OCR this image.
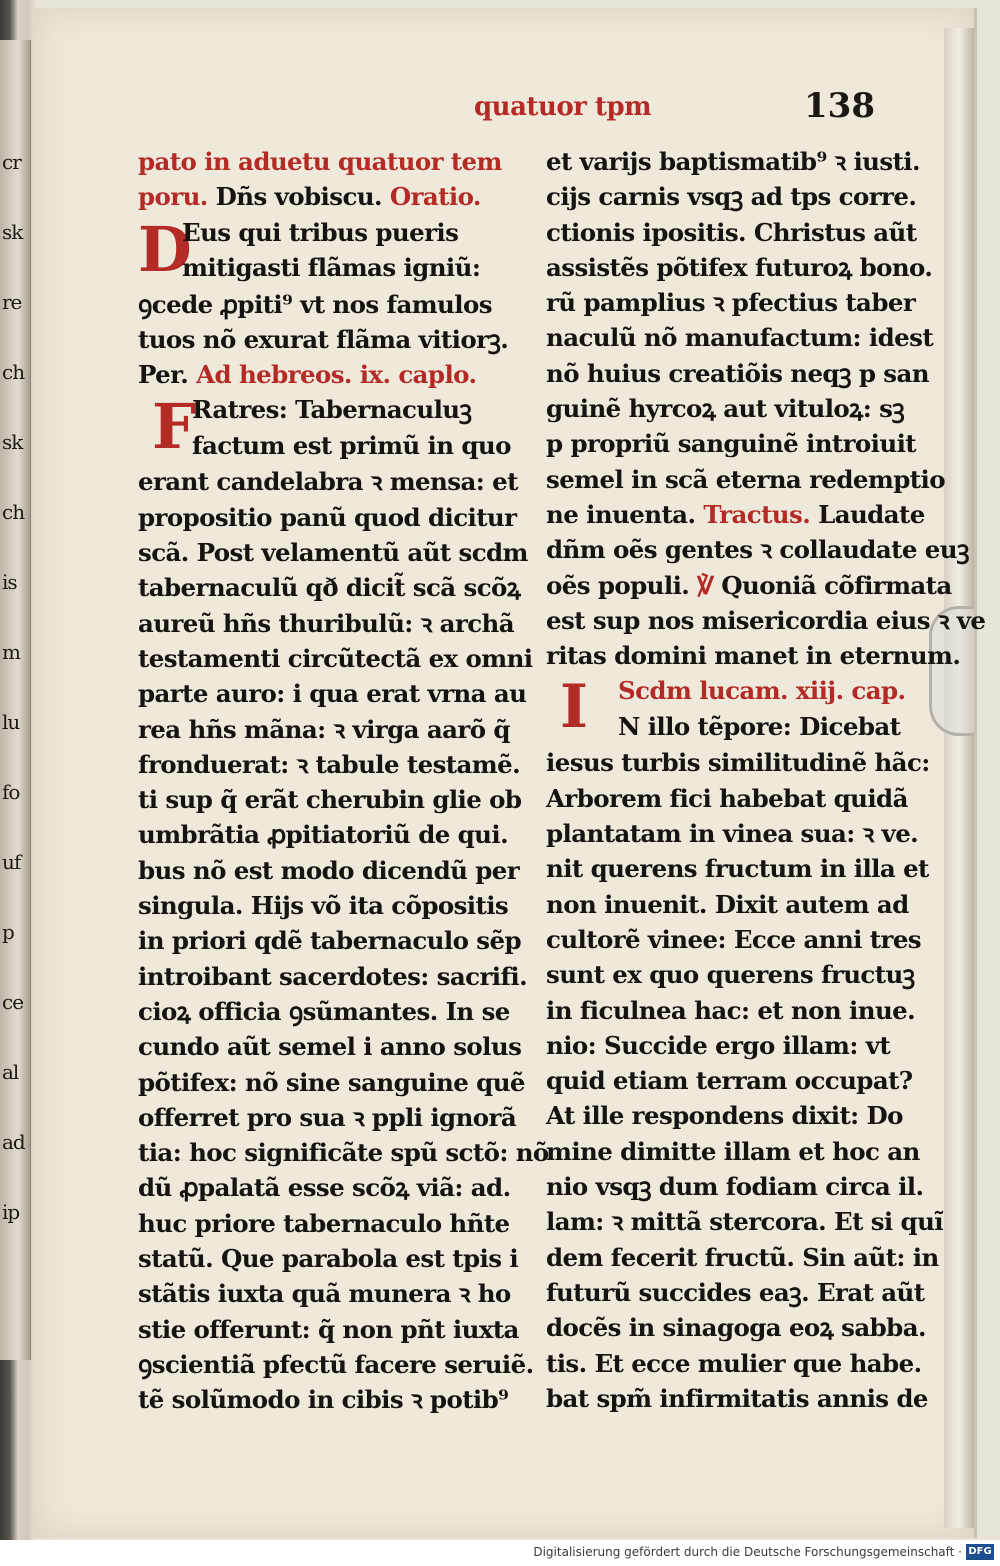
cr
sk
re
ch
sk
ch
is
m
lu
fo
uf
p
ce
al
ad
ip
quatuor tpm	138
pato in aduetu quatuor tem
poru. Dñs vobiscu. Oratio.
D
Eus qui tribus pueris
mitigasti flãmas igniũ:
ꝯcede ꝓpiti⁹ vt nos famulos
tuos nõ exurat flãma vitiorꝫ.
Per. Ad hebreos. ix. caplo.
F
Ratres: Tabernaculuꝫ
factum est primũ in quo
erant candelabra ꝛ mensa: et
propositio panũ quod dicitur
scã. Post velamentũ aũt scdm
tabernaculũ qð dicit̃ scã scõꝝ
aureũ hñs thuribulũ: ꝛ archã
testamenti circũtectã ex omni
parte auro: i qua erat vrna au
rea hñs mãna: ꝛ virga aarõ q̃
fronduerat: ꝛ tabule testamẽ.
ti sup q̃ erãt cherubin glie ob
umbrãtia ꝓpitiatoriũ de qui.
bus nõ est modo dicendũ per
singula. Hijs võ ita cõpositis
in priori qdẽ tabernaculo sẽp
introibant sacerdotes: sacrifi.
cioꝝ officia ꝯsũmantes. In se
cundo aũt semel i anno solus
põtifex: nõ sine sanguine quẽ
offerret pro sua ꝛ ppli ignorã
tia: hoc significãte spũ sctõ: nõ
dũ ꝓpalatã esse scõꝝ viã: ad.
huc priore tabernaculo hñte
statũ. Que parabola est tpis i
stãtis iuxta quã munera ꝛ ho
stie offerunt: q̃ non pñt iuxta
ꝯscientiã pfectũ facere seruiẽ.
tẽ solũmodo in cibis ꝛ potib⁹
et varijs baptismatib⁹ ꝛ iusti.
cijs carnis vsqꝫ ad tps corre.
ctionis ipositis. Christus aũt
assistẽs põtifex futuroꝝ bono.
rũ pamplius ꝛ pfectius taber
naculũ nõ manufactum: idest
nõ huius creatiõis neqꝫ p san
guinẽ hyrcoꝝ aut vituloꝝ: sꝫ
p propriũ sanguinẽ introiuit
semel in scã eterna redemptio
ne inuenta. Tractus. Laudate
dñm oẽs gentes ꝛ collaudate euꝫ
oẽs populi. ℣ Quoniã cõfirmata
est sup nos misericordia eius ꝛ ve
ritas domini manet in eternum.
I	Scdm lucam. xiij. cap.
N illo tẽpore: Dicebat
iesus turbis similitudinẽ hãc:
Arborem fici habebat quidã
plantatam in vinea sua: ꝛ ve.
nit querens fructum in illa et
non inuenit. Dixit autem ad
cultorẽ vinee: Ecce anni tres
sunt ex quo querens fructuꝫ
in ficulnea hac: et non inue.
nio: Succide ergo illam: vt
quid etiam terram occupat?
At ille respondens dixit: Do
mine dimitte illam et hoc an
nio vsqꝫ dum fodiam circa il.
lam: ꝛ mittã stercora. Et si quĩ
dem fecerit fructũ. Sin aũt: in
futurũ succides eaꝫ. Erat aũt
docẽs in sinagoga eoꝝ sabba.
tis. Et ecce mulier que habe.
bat spm̃ infirmitatis annis de
Digitalisierung gefördert durch die Deutsche Forschungsgemeinschaft · DFG
